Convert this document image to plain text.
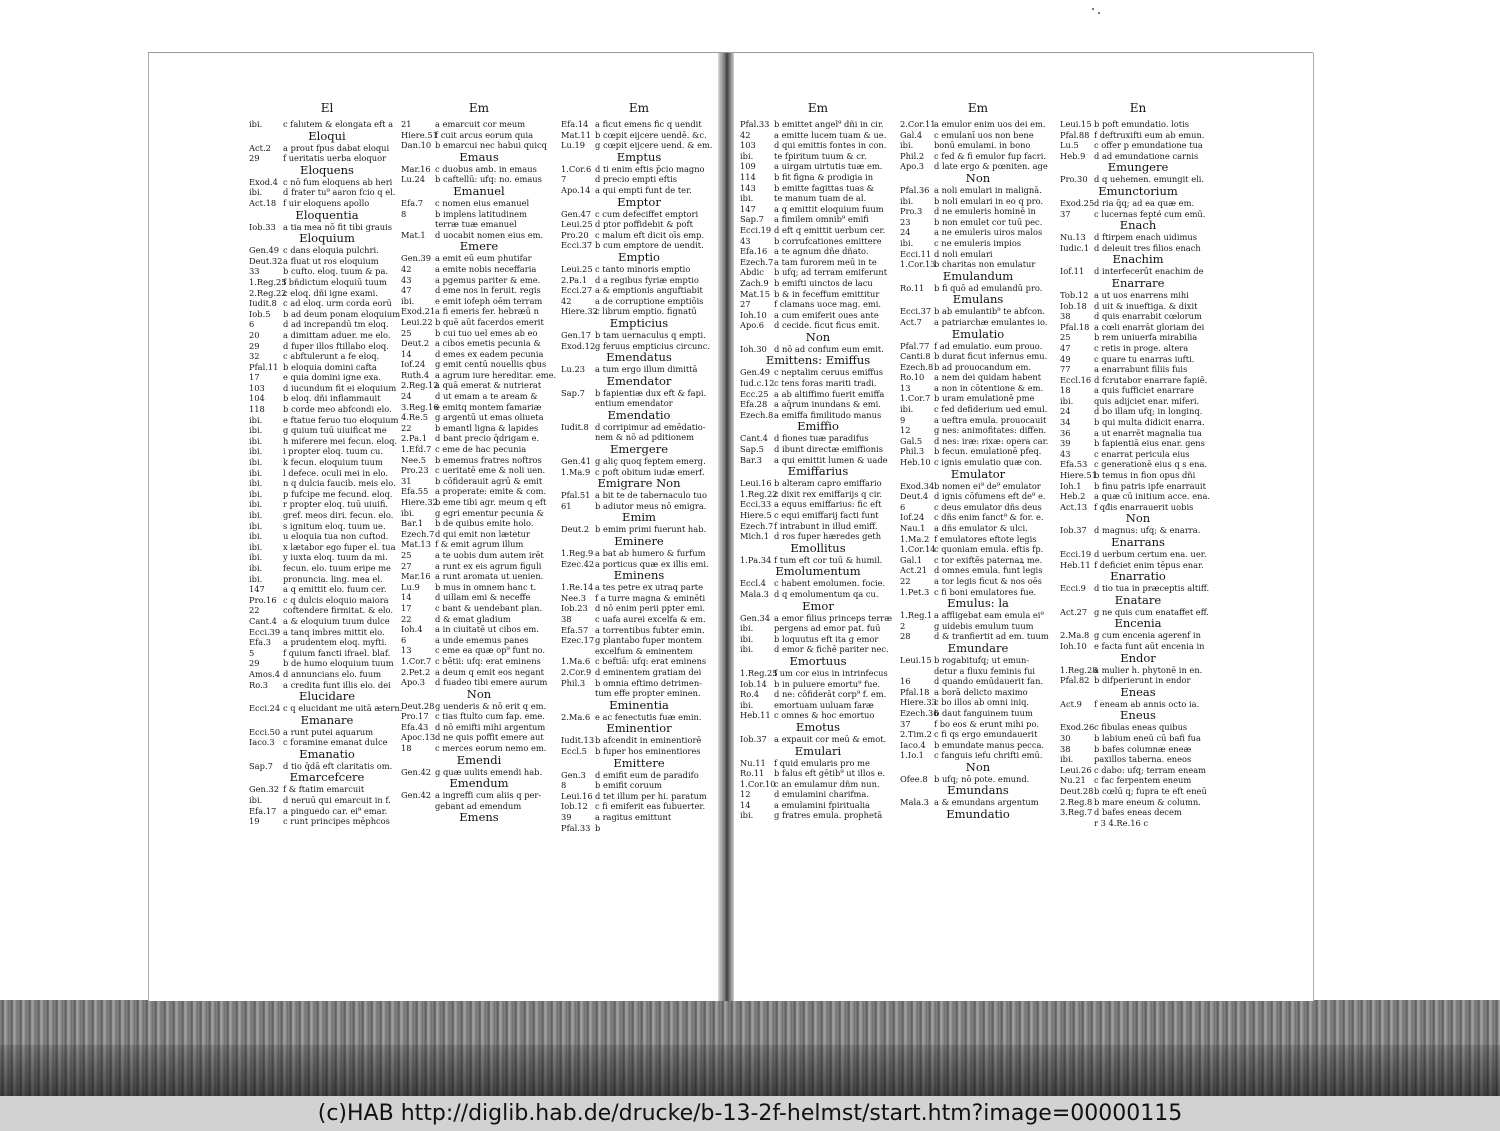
El
ibi. c falutem & elongata eft a
Eloqui
Act.2 a prout fpus dabat eloqui
29	f ueritatis uerba eloquor
Eloquens
Exod.4 c nō fum eloquens ab heri
ibi. d frater tu⁹ aaron fcio q el.
Act.18 f uir eloquens apollo
Eloquentia
Iob.33 a tia mea nō fit tibi grauis
Eloquium
Gen.49 c dans eloquia pulchri.
Deut.32a fluat ut ros eloquium
33	b cufto. eloq. tuum & pa.
1.Reg.25f bñdictum eloquiū tuum
2.Reg.22c eloq. dñi igne exami.
Iudit.8 c ad eloq. urm corda eorū
Iob.5 b ad deum ponam eloquium
6	d ad increpandū tm eloq.
20	a dimittam aduer. me elo.
29	d fuper illos ftillabo eloq.
32	c abftulerunt a fe eloq.
Pfal.11 b eloquia domini cafta
17	e quia domini igne exa.
103 d iucundum fit ei eloquium
104 b eloq. dñi inflammauit
118 b corde meo abfcondi elo.
ibi. e ftatue feruo tuo eloquium
ibi. g quium tuū uiuificat me
ibi. h miferere mei fecun. eloq.
ibi. i propter eloq. tuum cu.
ibi. k fecun. eloquium tuum
ibi. l defece. oculi mei in elo.
ibi. n q dulcia faucib. meis elo.
ibi. p fufcipe me fecund. eloq.
ibi. r propter eloq. tuū uiuifi.
ibi. gref. meos diri. fecun. elo.
ibi. s ignitum eloq. tuum ue.
ibi. u eloquia tua non cuftod.
ibi. x lætabor ego fuper el. tua
ibi. y iuxta eloq. tuum da mi.
ibi. fecun. elo. tuum eripe me
ibi. pronuncia. ling. mea el.
147 a q emittit elo. fuum cer.
Pro.16 c q dulcis eloquio maiora
22	coftendere firmitat. & elo.
Cant.4 a & eloquium tuum dulce
Ecci.39 a tanq imbres mittit elo.
Efa.3 a prudentem eloq. myfti.
5	f quium fancti ifrael. blaf.
29	b de humo eloquium tuum
Amos.4 d annuncians elo. fuum
Ro.3 a credita funt illis elo. dei
Elucidare
Ecci.24 c q elucidant me uitā ætern.
Emanare
Ecci.50 a runt putei aquarum
Iaco.3 c foramine emanat dulce
Emanatio
Sap.7 d tio q̄dā eft claritatis om.
Emarcefcere
Gen.32 f & ftatim emarcuit
ibi. d neruū qui emarcuit in f.
Efa.17 a pinguedo car. ei⁹ emar.
19	c runt principes mēphcos
Em
21	a emarcuit cor meum
Hiere.51f cuit arcus eorum quia
Dan.10 b emarcui nec habui quicq
Emaus
Mar.16 c duobus amb. in emaus
Lu.24 b caftellū: ufq: no. emaus
Emanuel
Efa.7 c nomen eius emanuel
8	b implens latitudinem
terræ tuæ emanuel
Mat.1 d uocabit nomen eius em.
Emere
Gen.39 a emit eū eum phutifar
42	a emite nobis neceffaria
43	a pgemus pariter & eme.
47	d eme nos in feruit. regis
ibi. e emit iofeph oēm terram
Exod.21a fi emeris fer. hebræū n
Leui.22 b quē aūt facerdos emerit
25	b cui tuo uel emes ab eo
Deut.2 a cibos emetis pecunia &
14	d emes ex eadem pecunia
Iof.24 g emit centū nouellis qbus
Ruth.4 a agrum iure hereditar. eme.
2.Reg.12a quā emerat & nutrierat
24	d ut emam a te aream &
3.Reg.16e emitq montem famariæ
4.Re.5 g argentū ut emas oliueta
22	b emantl ligna & lapides
2.Pa.1 d bant precio q̄drigam e.
1.Efd.7 c eme de hac pecunia
Nee.5 b ememus fratres noftros
Pro.23 c ueritatē eme & noli uen.
31	b cōfiderauit agrū & emit
Efa.55 a properate: emite & com.
Hiere.32b eme tibi agr. meum q eft
ibi. g egri ementur pecunia &
Bar.1 b de quibus emite holo.
Ezech.7d qui emit non lætetur
Mat.13 f & emit agrum illum
25	a te uobis dum autem irēt
27	a runt ex eis agrum figuli
Mar.16 a runt aromata ut uenien.
Lu.9 b mus in omnem hanc t.
14	d uillam emi & neceffe
17	c bant & uendebant plan.
22	d & emat gladium
Ioh.4 a in ciuitatē ut cibos em.
6	a unde ememus panes
13	c eme ea quæ op⁹ funt no.
1.Cor.7 c bētii: ufq: erat eminens
2.Pet.2 a deum q emit eos negant
Apo.3 d fuadeo tibi emere aurum
Non
Deut.28g uenderis & nō erit q em.
Pro.17 c tias ftulto cum fap. eme.
Efa.43 d nō emifti mihi argentum
Apoc.13d ne quis poffit emere aut
18	c merces eorum nemo em.
Emendi
Gen.42 g quæ uulits emendi hab.
Emendum
Gen.42 a ingreffi cum aliis q per-
gebant ad emendum
Emens
Em
Efa.14 a ficut emens fic q uendit
Mat.11 b cœpit eijcere uendē. &c.
Lu.19 g cœpit eijcere uend. & em.
Emptus
1.Cor.6 d ti enim eftis p̄cio magno
7	d precio empti eftis
Apo.14 a qui empti funt de ter.
Emptor
Gen.47 c cum defeciffet emptori
Leui.25 d ptor poffidebit & poft
Pro.20 c malum eft dicit oīs emp.
Ecci.37 b cum emptore de uendit.
Emptio
Leui.25 c tanto minoris emptio
2.Pa.1 d a regibus fyriæ emptio
Ecci.27 a & emptionis anguftiabit
42	a de corruptione emptiōis
Hiere.32c librum emptio. fignatū
Empticius
Gen.17 b tam uernaculus q empti.
Exod.12g feruus empticius circunc.
Emendatus
Lu.23 a tum ergo illum dimittā
Emendator
Sap.7 b fapientiæ dux eft & fapi.
entium emendator
Emendatio
Iudit.8 d corripimur ad emēdatio-
nem & nō ad pditionem
Emergere
Gen.41 g aliç quoq feptem emerg.
1.Ma.9 c poft obitum iudæ emerf.
Emigrare Non
Pfal.51 a bit te de tabernaculo tuo
61	b adiutor meus nō emigra.
Emim
Deut.2 b emim primi fuerunt hab.
Eminere
1.Reg.9 a bat ab humero & furfum
Ezec.42a porticus quæ ex illis emi.
Eminens
1.Re.14 a tes petre ex utraq parte
Nee.3 f a turre magna & eminēti
Iob.23 d nō enim perii ppter emi.
38	c uafa aurei excelfa & em.
Efa.57 a torrentibus fubter emin.
Ezec.17g plantabo fuper montem
excelfum & eminentem
1.Ma.6 c beftiā: ufq: erat eminens
2.Cor.9 d eminentem gratiam dei
Phil.3 b omnia eftimo detrimen-
tum effe propter eminen.
Eminentia
2.Ma.6 e ac fenectutis fuæ emin.
Eminentior
Iudit.13b afcendit in eminentiorē
Eccl.5 b fuper hos eminentiores
Emittere
Gen.3 d emifit eum de paradifo
8	b emifit coruum
Leui.16 d tet illum per hi. paratum
Iob.12 c fi emiferit eas fubuerter.
39	a ragitus emittunt
Pfal.33 b
Em
Pfal.33 b emittet angel⁹ dñi in cir.
42	a emitte lucem tuam & ue.
103 d qui emittis fontes in con.
ibi. te fpiritum tuum & cr.
109 a uirgam uirtutis tuæ em.
114 b fit figna & prodigia in
143 b emitte fagittas tuas &
ibi. te manum tuam de al.
147 a q emittit eloquium fuum
Sap.7 a fimilem omnib⁹ emifi
Ecci.19 d eft q emittit uerbum cer.
43	b corrufcationes emittere
Efa.16 a te agnum dñe dñato.
Ezech.7a tam furorem meū in te
Abdic b ufq; ad terram emiferunt
Zach.9 b emifti uinctos de lacu
Mat.15 b & in feceffum emittitur
27	f clamans uoce mag. emi.
Ioh.10 a cum emiferit oues ante
Apo.6 d cecide. ficut ficus emit.
Non
Ioh.30 d nō ad confum eum emit.
Emittens: Emiffus
Gen.49 c neptalim ceruus emiffus
Iud.c.12c tens foras mariti tradi.
Ecc.25 a ab altiffimo fuerit emiffa
Efa.28 a aq̄rum inundans & emi.
Ezech.8a emiffa fimilitudo manus
Emiffio
Cant.4 d fiones tuæ paradifus
Sap.5 d ibunt directæ emiffionis
Bar.3 a qui emittit lumen & uade
Emiffarius
Leui.16 b alteram capro emiffario
1.Reg.22c dixit rex emiffarijs q cir.
Ecci.33 a equus emiffarius: fic eft
Hiere.5 c equi emiffarij facti funt
Ezech.7f intrabunt in illud emiff.
Mich.1 d ros fuper hæredes geth
Emollitus
1.Pa.34 f tum eft cor tuū & humil.
Emolumentum
Eccl.4 c habent emolumen. focie.
Mala.3 d q emolumentum qa cu.
Emor
Gen.34 a emor filius princeps terræ
ibi. pergens ad emor pat. fuū
ibi. b loquutus eft ita g emor
ibi. d emor & fichē pariter nec.
Emortuus
1.Reg.25f um cor eius in intrinfecus
Iob.14 b in puluere emortu⁹ fue.
Ro.4 d ne: cōfiderāt corp⁹ f. em.
ibi. emortuam uuluam faræ
Heb.11 c omnes & hoc emortuo
Emotus
Iob.37 a expauit cor meū & emot.
Emulari
Nu.11 f quid emularis pro me
Ro.11 b falus eft gētib⁹ ut illos e.
1.Cor.10c an emulamur dñm nun.
12	d emulamini charifma.
14	a emulamini fpiritualia
ibi. g fratres emula. prophetā
Em
2.Cor.11a emulor enim uos dei em.
Gal.4 c emulanī uos non bene
ibi. bonū emulami. in bono
Phil.2 c fed & fi emulor fup facri.
Apo.3 d late ergo & pœniten. age
Non
Pfal.36 a noli emulari in malignā.
ibi. b noli emulari in eo q pro.
Pro.3 d ne emuleris hominē in
23	b non emulet cor tuū pec.
24	a ne emuleris uiros malos
ibi. c ne emuleris impios
Ecci.11 d noli emulari
1.Cor.13b charitas non emulatur
Emulandum
Ro.11 b fi quō ad emulandū pro.
Emulans
Ecci.37 b ab emulantib⁹ te abfcon.
Act.7 a patriarchæ emulantes io.
Emulatio
Pfal.77 f ad emulatio. eum prouo.
Canti.8 b durat ficut infernus emu.
Ezech.8b ad prouocandum em.
Ro.10 a nem dei quidam habent
13	a non in cōtentione & em.
1.Cor.7 b uram emulationē pme
ibi. c fed defiderium ued emul.
9	a ueftra emula. prouocauit
12	g nes: animofitates: diffen.
Gal.5 d nes: iræ: rixæ: opera car.
Phil.3 b fecun. emulationē pfeq.
Heb.10 c ignis emulatio quæ con.
Emulator
Exod.34b nomen ei⁹ de⁹ emulator
Deut.4 d ignis cōfumens eft de⁹ e.
6	c deus emulator dñs deus
Iof.24 c dñs enim fanct⁹ & for. e.
Nau.1 a dñs emulator & ulci.
1.Ma.2 f emulatores eftote legis
1.Cor.14c quoniam emula. eftis fp.
Gal.1 c tor exiftēs paternaꝝ me.
Act.21 d omnes emula. funt legis
22	a tor legis ficut & nos oēs
1.Pet.3 c fi boni emulatores fue.
Emulus: la
1.Reg.1 a affligebat eam emula ei⁹
2	g uidebis emulum tuum
28	d & tranfiertit ad em. tuum
Emundare
Leui.15 b rogabitufq; ut emun-
detur a fluxu feminis fui
16	d quando emūdauerit fan.
Pfal.18 a borā delicto maximo
Hiere.33c bo illos ab omni iniq.
Ezech.36b daut fanguinem tuum
37	f bo eos & erunt mihi po.
2.Tim.2 c fi qs ergo emundauerit
Iaco.4 b emundate manus pecca.
1.Io.1 c fanguis iefu chrifti emū.
Non
Ofee.8 b ufq; nō pote. emund.
Emundans
Mala.3 a & emundans argentum
Emundatio
En
Leui.15 b poft emundatio. lotis
Pfal.88 f deftruxifti eum ab emun.
Lu.5 c offer p emundatione tua
Heb.9 d ad emundatione carnis
Emungere
Pro.30 d q uehemen. emungit eli.
Emunctorium
Exod.25d ria q̄q; ad ea quæ em.
37	c lucernas fepté cum emū.
Enach
Nu.13 d ftirpem enach uidimus
Iudic.1 d deleuit tres filios enach
Enachim
Iof.11 d interfecerūt enachim de
Enarrare
Tob.12 a ut uos enarrens mihi
Iob.18 d uit & inueftiga. & dixit
38	d quis enarrabit cœlorum
Pfal.18 a cœli enarrāt gloriam dei
25	b rem uniuerfa mirabilia
47	c retis in proge. altera
49	c quare tu enarras iufti.
77	a enarrabunt filiis fuis
Eccl.16 d fcrutabor enarrare fapiē.
18	a quis fufficiet enarrare
ibi. quis adijciet enar. miferi.
24	d bo illam ufq; in longinq.
34	b qui multa didicit enarra.
36	a ut enarrēt magnalia tua
39	b fapientiā eius enar. gens
43	c enarrat pericula eius
Efa.53 c generationē eius q s ena.
Hiere.51b temus in fion opus dñi
Ioh.1 b finu patris ipfe enarrauit
Heb.2 a quæ cū initium acce. ena.
Act.13 f qđis enarrauerit uobis
Non
Iob.37 d magnus: ufq; & enarra.
Enarrans
Ecci.19 d uerbum certum ena. uer.
Heb.11 f deficiet enim tēpus enar.
Enarratio
Ecci.9 d tio tua in præceptis altiff.
Enatare
Act.27 g ne quis cum enataffet eff.
Encenia
2.Ma.8 g cum encenia agerenf in
Ioh.10 e facta funt aūt encenia in
Endor
1.Reg.28a mulier h. phytonē in en.
Pfal.82 b difperierunt in endor
Eneas
Act.9 f eneam ab annis octo ia.
Eneus
Exod.26c fibulas eneas quibus
30	b labium eneū cū bafi fua
38	b bafes columnæ eneæ
ibi. paxillos taberna. eneos
Leui.26 c dabo: ufq; terram eneam
Nu.21 c fac ferpentem eneum
Deut.28b cœlū q; fupra te eft eneū
2.Reg.8 b mare eneum & column.
3.Reg.7 d bafes eneas decem
r 3 4.Re.16 c
(c)HAB http://diglib.hab.de/drucke/b-13-2f-helmst/start.htm?image=00000115
